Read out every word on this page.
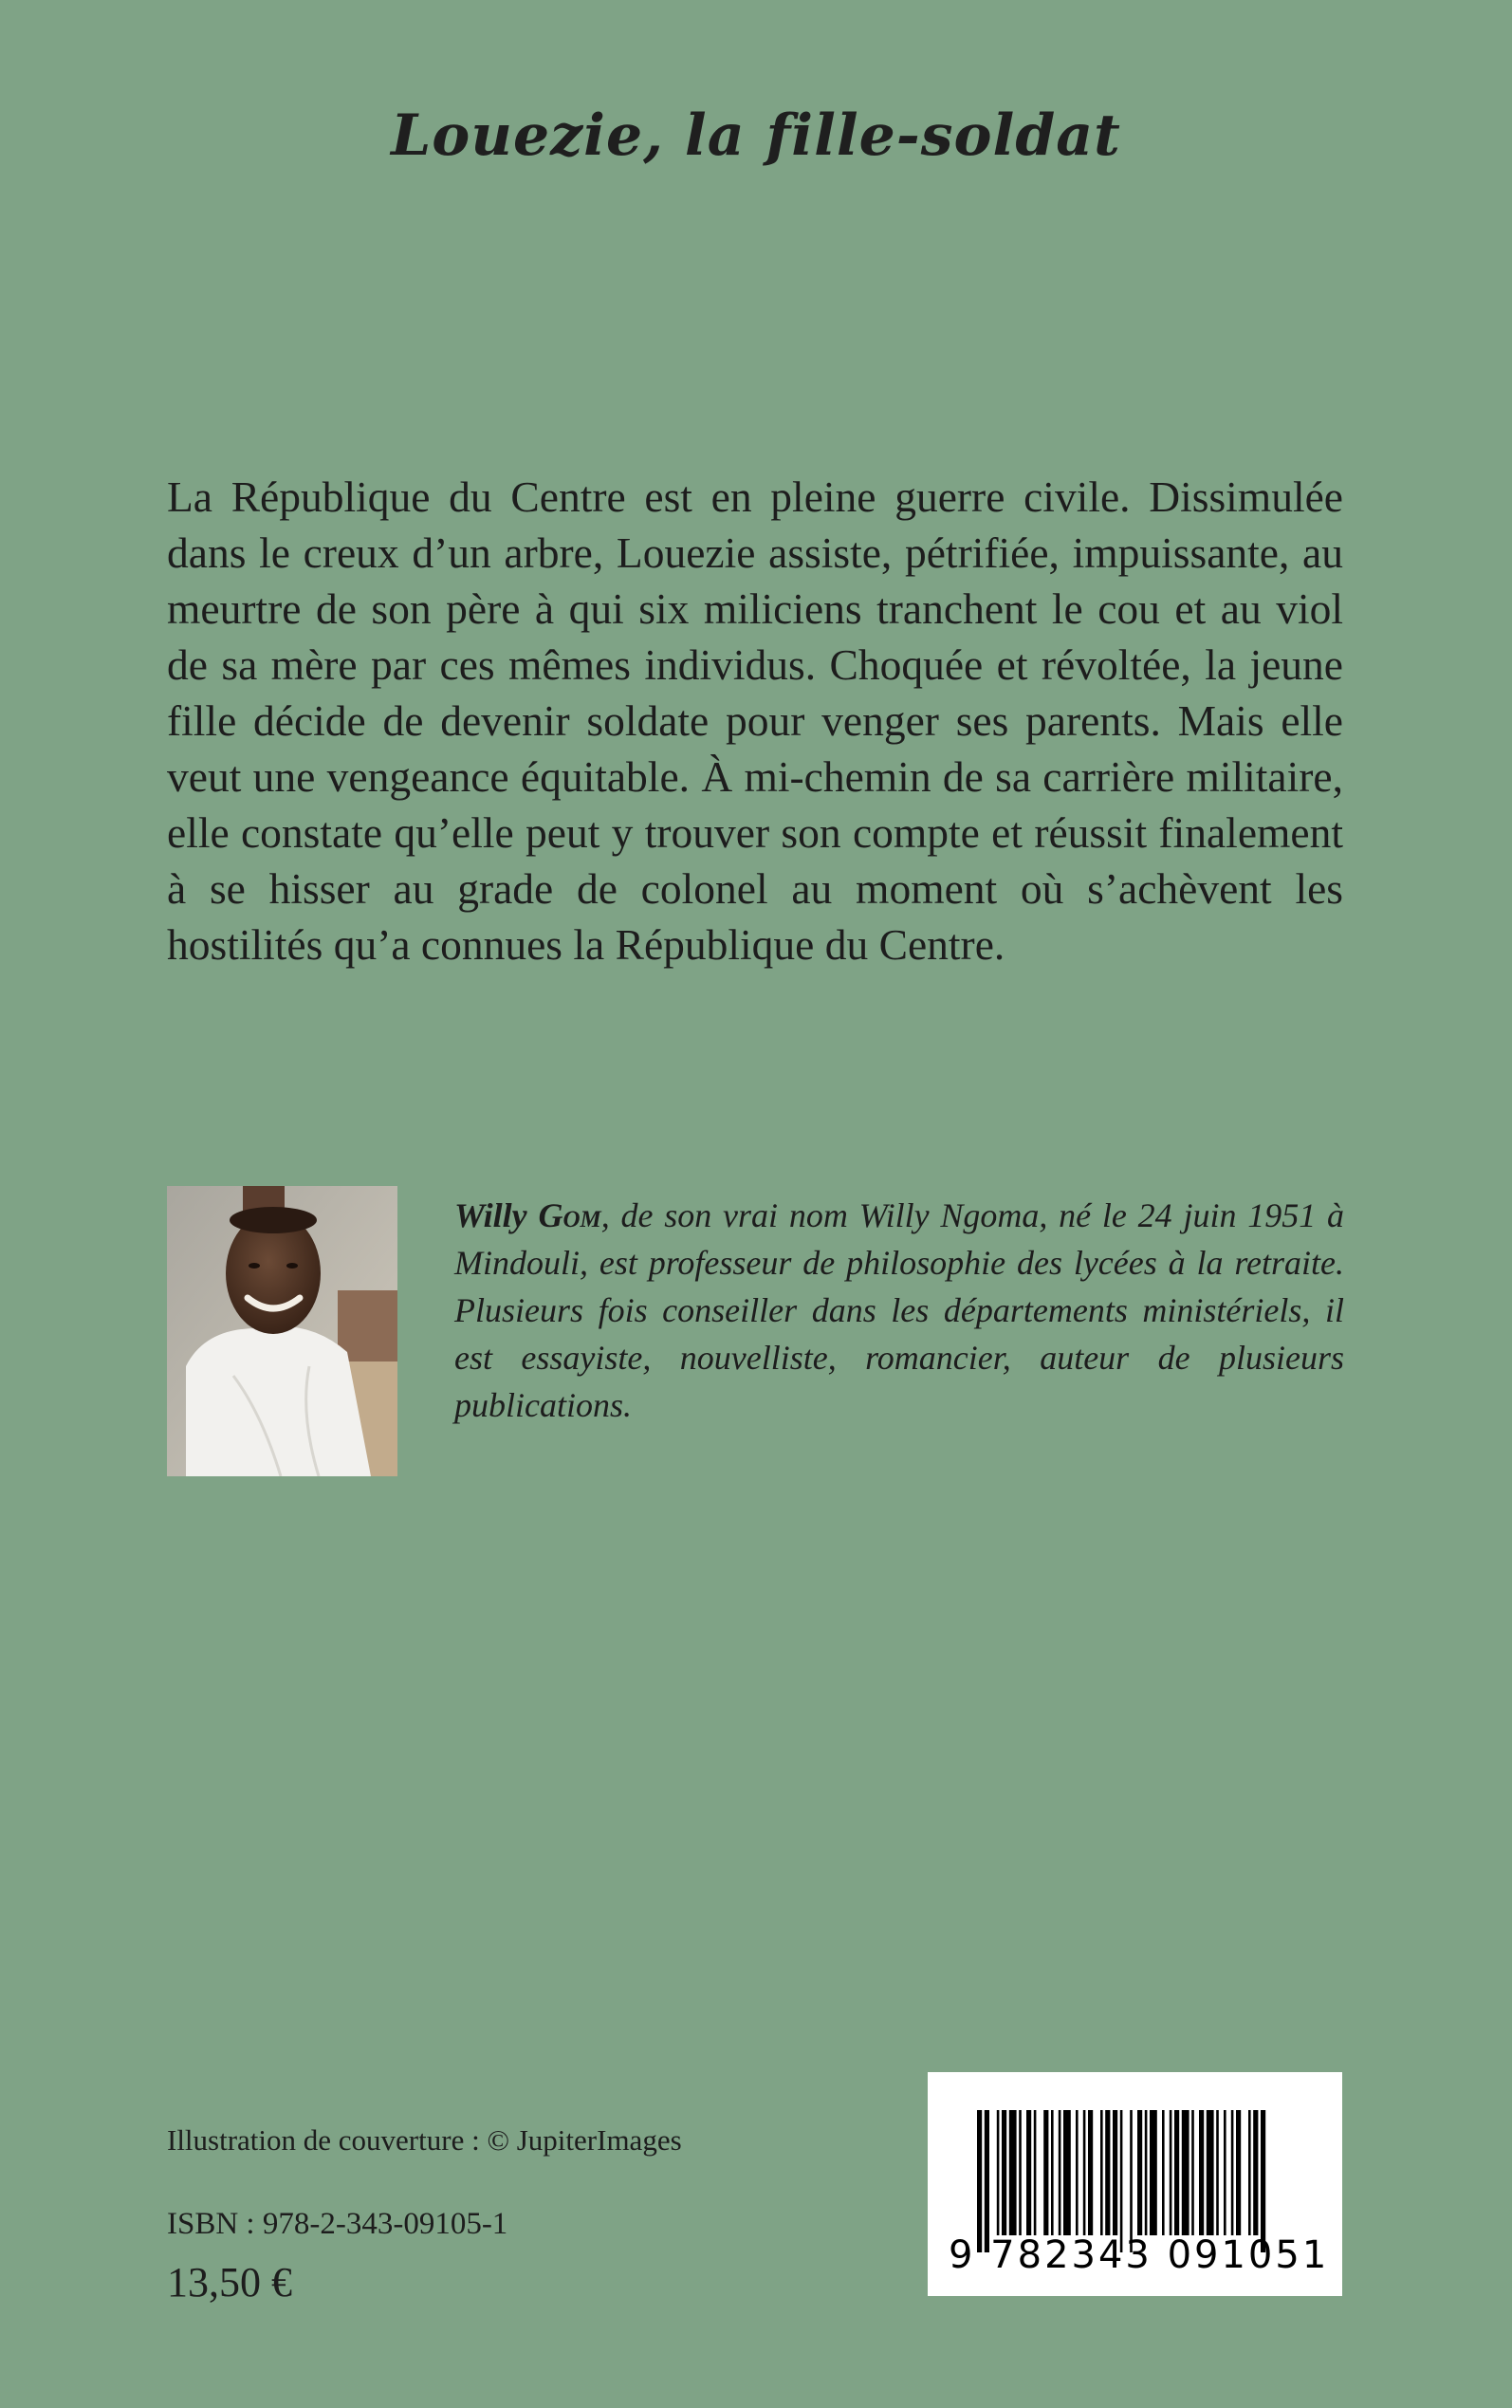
Louezie, la fille-soldat

La République du Centre est en pleine guerre civile. Dissimulée dans le creux d’un arbre, Louezie assiste, pétrifiée, impuissante, au meurtre de son père à qui six miliciens tranchent le cou et au viol de sa mère par ces mêmes individus. Choquée et révoltée, la jeune fille décide de devenir soldate pour venger ses parents. Mais elle veut une vengeance équitable. À mi-chemin de sa carrière militaire, elle constate qu’elle peut y trouver son compte et réussit finalement à se hisser au grade de colonel au moment où s’achèvent les hostilités qu’a connues la République du Centre.

Willy Gom, de son vrai nom Willy Ngoma, né le 24 juin 1951 à Mindouli, est professeur de philosophie des lycées à la retraite. Plusieurs fois conseiller dans les départements ministériels, il est essayiste, nouvelliste, romancier, auteur de plusieurs publications.

Illustration de couverture : © JupiterImages

ISBN : 978-2-343-09105-1

13,50 €

9 782343 091051
